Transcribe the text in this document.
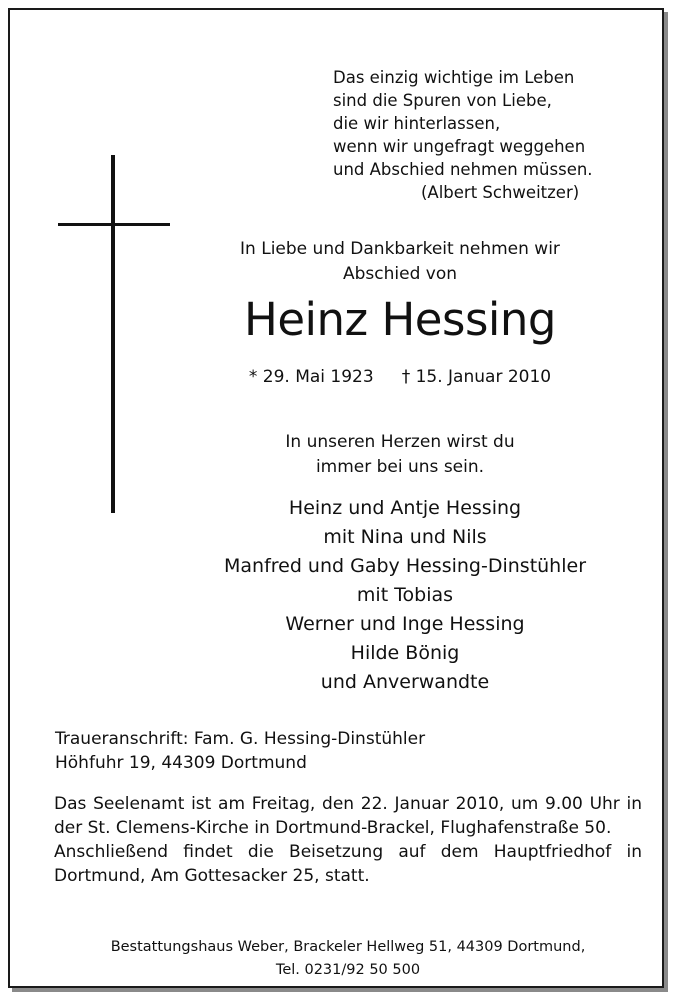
Das einzig wichtige im Leben
sind die Spuren von Liebe,
die wir hinterlassen,
wenn wir ungefragt weggehen
und Abschied nehmen müssen.
(Albert Schweitzer)
In Liebe und Dankbarkeit nehmen wir
Abschied von
Heinz Hessing
* 29. Mai 1923 † 15. Januar 2010
In unseren Herzen wirst du
immer bei uns sein.
Heinz und Antje Hessing
mit Nina und Nils
Manfred und Gaby Hessing-Dinstühler
mit Tobias
Werner und Inge Hessing
Hilde Bönig
und Anverwandte
Traueranschrift: Fam. G. Hessing-Dinstühler
Höhfuhr 19, 44309 Dortmund

Das Seelenamt ist am Freitag, den 22. Januar 2010, um 9.00 Uhr in der St. Clemens-Kirche in Dortmund-Brackel, Flughafenstraße 50.

Anschließend findet die Beisetzung auf dem Hauptfriedhof in Dortmund, Am Gottesacker 25, statt.

Bestattungshaus Weber, Brackeler Hellweg 51, 44309 Dortmund,
Tel. 0231/92 50 500
